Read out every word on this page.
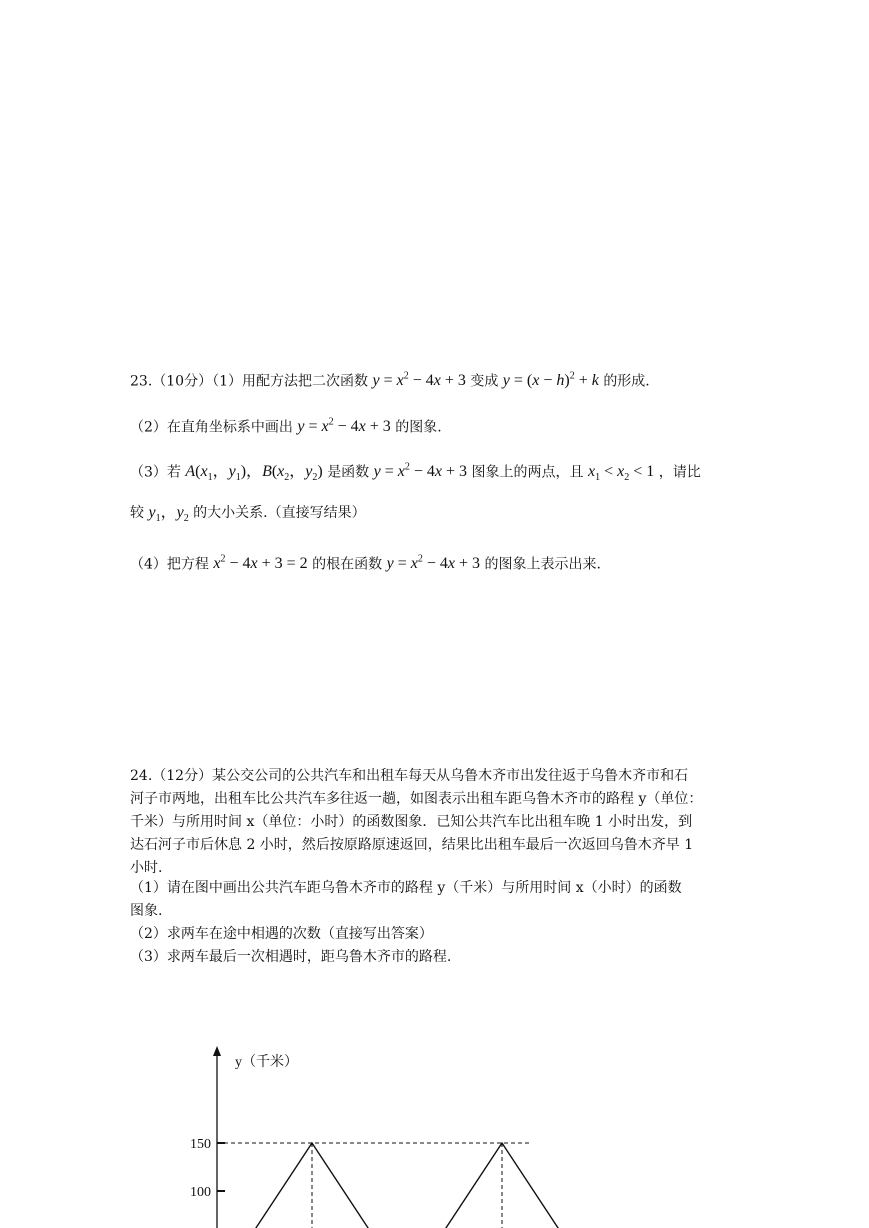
23.（10分）（1）用配方法把二次函数 $y = x^2 - 4x + 3$ 变成 $y = (x - h)^2 + k$ 的形成.
（2）在直角坐标系中画出 $y = x^2 - 4x + 3$ 的图象.
（3）若 $A(x_1$，$y_1$)，$B(x_2$，$y_2$) 是函数 $y = x^2 - 4x + 3$ 图象上的两点，且 $x_1 < x_2 < 1$ ，请比
较 $y_1$，$y_2$ 的大小关系.（直接写结果）
（4）把方程 $x^2 - 4x + 3 = 2$ 的根在函数 $y = x^2 - 4x + 3$ 的图象上表示出来.
24.（12分）某公交公司的公共汽车和出租车每天从乌鲁木齐市出发往返于乌鲁木齐市和石
河子市两地，出租车比公共汽车多往返一趟，如图表示出租车距乌鲁木齐市的路程 y（单位：
千米）与所用时间 x（单位：小时）的函数图象．已知公共汽车比出租车晚 1 小时出发，到
达石河子市后休息 2 小时，然后按原路原速返回，结果比出租车最后一次返回乌鲁木齐早 1
小时.
（1）请在图中画出公共汽车距乌鲁木齐市的路程 y（千米）与所用时间 x（小时）的函数
图象.
（2）求两车在途中相遇的次数（直接写出答案）
（3）求两车最后一次相遇时，距乌鲁木齐市的路程.
y（千米）
150
100
